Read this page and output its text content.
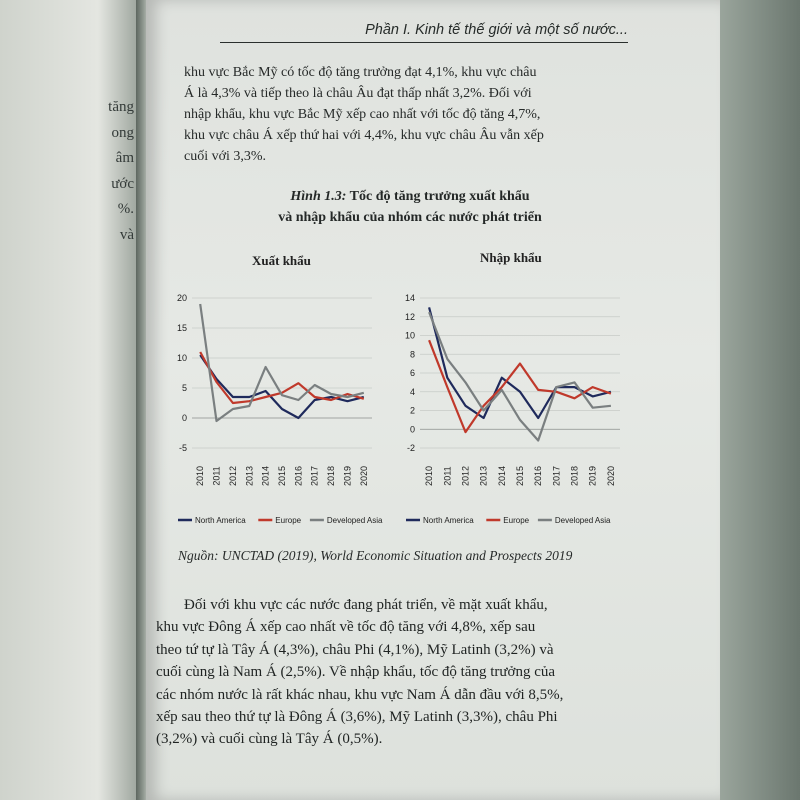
tăng
ong
âm
ước
%.
và
Phần I. Kinh tế thế giới và một số nước...
khu vực Bắc Mỹ có tốc độ tăng trưởng đạt 4,1%, khu vực châu
Á là 4,3% và tiếp theo là châu Âu đạt thấp nhất 3,2%. Đối với
nhập khẩu, khu vực Bắc Mỹ xếp cao nhất với tốc độ tăng 4,7%,
khu vực châu Á xếp thứ hai với 4,4%, khu vực châu Âu vẫn xếp
cuối với 3,3%.
Hình 1.3: Tốc độ tăng trưởng xuất khẩu
và nhập khẩu của nhóm các nước phát triển
Xuất khẩu	Nhập khẩu
-5
0
5
10
15
20
2010 2011 2012 2013 2014 2015 2016 2017 2018 2019 2020
North America	Europe	Developed Asia
-2
0
2
4
6
8
10
12
14
2010 2011 2012 2013 2014 2015 2016 2017 2018 2019 2020
North America	Europe	Developed Asia
Nguồn: UNCTAD (2019), World Economic Situation and Prospects 2019
Đối với khu vực các nước đang phát triển, về mặt xuất khẩu,
khu vực Đông Á xếp cao nhất về tốc độ tăng với 4,8%, xếp sau
theo tứ tự là Tây Á (4,3%), châu Phi (4,1%), Mỹ Latinh (3,2%) và
cuối cùng là Nam Á (2,5%). Về nhập khẩu, tốc độ tăng trưởng của
các nhóm nước là rất khác nhau, khu vực Nam Á dẫn đầu với 8,5%,
xếp sau theo thứ tự là Đông Á (3,6%), Mỹ Latinh (3,3%), châu Phi
(3,2%) và cuối cùng là Tây Á (0,5%).
